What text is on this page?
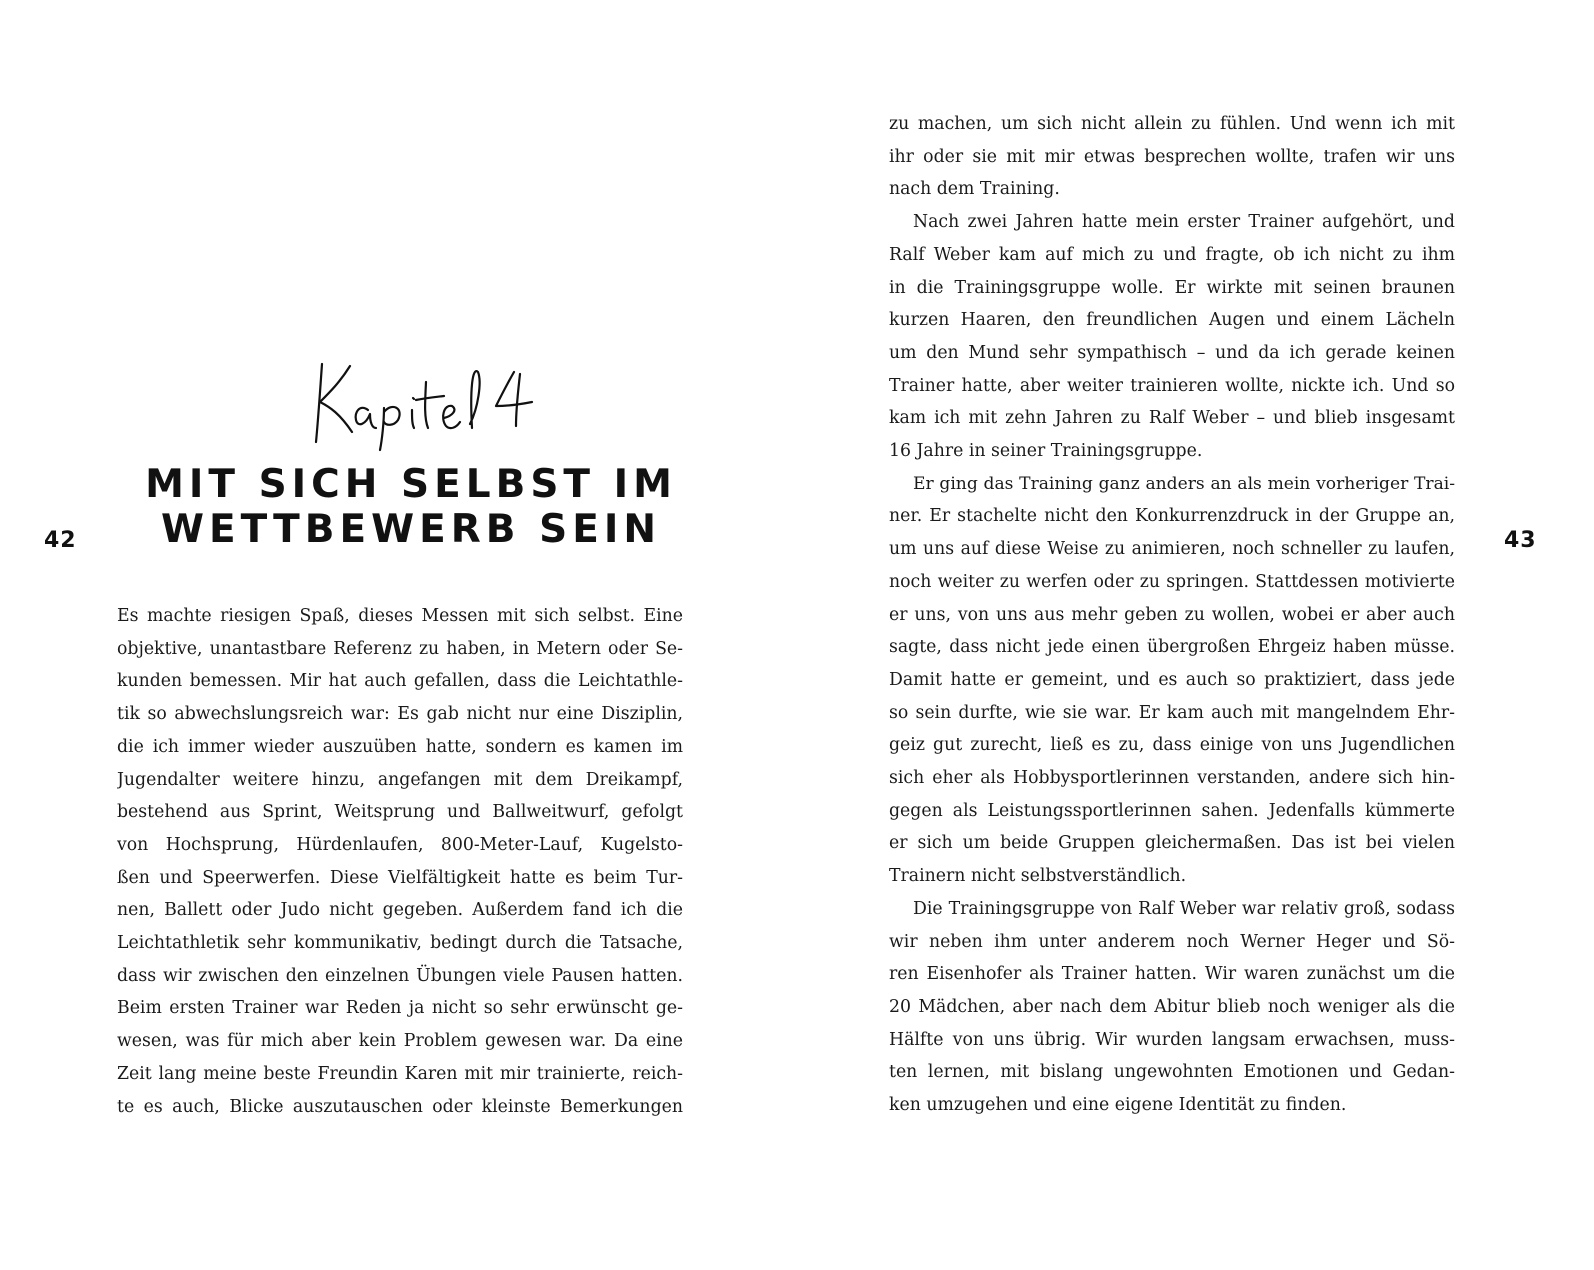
42
MIT SICH SELBST IM
WETTBEWERB SEIN
Es machte riesigen Spaß, dieses Messen mit sich selbst. Eine
objektive, unantastbare Referenz zu haben, in Metern oder Se-
kunden bemessen. Mir hat auch gefallen, dass die Leichtathle-
tik so abwechslungsreich war: Es gab nicht nur eine Disziplin,
die ich immer wieder auszuüben hatte, sondern es kamen im
Jugendalter weitere hinzu, angefangen mit dem Dreikampf,
bestehend aus Sprint, Weitsprung und Ballweitwurf, gefolgt
von Hochsprung, Hürdenlaufen, 800-Meter-Lauf, Kugelsto-
ßen und Speerwerfen. Diese Vielfältigkeit hatte es beim Tur-
nen, Ballett oder Judo nicht gegeben. Außerdem fand ich die
Leichtathletik sehr kommunikativ, bedingt durch die Tatsache,
dass wir zwischen den einzelnen Übungen viele Pausen hatten.
Beim ersten Trainer war Reden ja nicht so sehr erwünscht ge-
wesen, was für mich aber kein Problem gewesen war. Da eine
Zeit lang meine beste Freundin Karen mit mir trainierte, reich-
te es auch, Blicke auszutauschen oder kleinste Bemerkungen
43
zu machen, um sich nicht allein zu fühlen. Und wenn ich mit
ihr oder sie mit mir etwas besprechen wollte, trafen wir uns
nach dem Training.
Nach zwei Jahren hatte mein erster Trainer aufgehört, und
Ralf Weber kam auf mich zu und fragte, ob ich nicht zu ihm
in die Trainingsgruppe wolle. Er wirkte mit seinen braunen
kurzen Haaren, den freundlichen Augen und einem Lächeln
um den Mund sehr sympathisch – und da ich gerade keinen
Trainer hatte, aber weiter trainieren wollte, nickte ich. Und so
kam ich mit zehn Jahren zu Ralf Weber – und blieb insgesamt
16 Jahre in seiner Trainingsgruppe.
Er ging das Training ganz anders an als mein vorheriger Trai-
ner. Er stachelte nicht den Konkurrenzdruck in der Gruppe an,
um uns auf diese Weise zu animieren, noch schneller zu laufen,
noch weiter zu werfen oder zu springen. Stattdessen motivierte
er uns, von uns aus mehr geben zu wollen, wobei er aber auch
sagte, dass nicht jede einen übergroßen Ehrgeiz haben müsse.
Damit hatte er gemeint, und es auch so praktiziert, dass jede
so sein durfte, wie sie war. Er kam auch mit mangelndem Ehr-
geiz gut zurecht, ließ es zu, dass einige von uns Jugendlichen
sich eher als Hobbysportlerinnen verstanden, andere sich hin-
gegen als Leistungssportlerinnen sahen. Jedenfalls kümmerte
er sich um beide Gruppen gleichermaßen. Das ist bei vielen
Trainern nicht selbstverständlich.
Die Trainingsgruppe von Ralf Weber war relativ groß, sodass
wir neben ihm unter anderem noch Werner Heger und Sö-
ren Eisenhofer als Trainer hatten. Wir waren zunächst um die
20 Mädchen, aber nach dem Abitur blieb noch weniger als die
Hälfte von uns übrig. Wir wurden langsam erwachsen, muss-
ten lernen, mit bislang ungewohnten Emotionen und Gedan-
ken umzugehen und eine eigene Identität zu finden.
